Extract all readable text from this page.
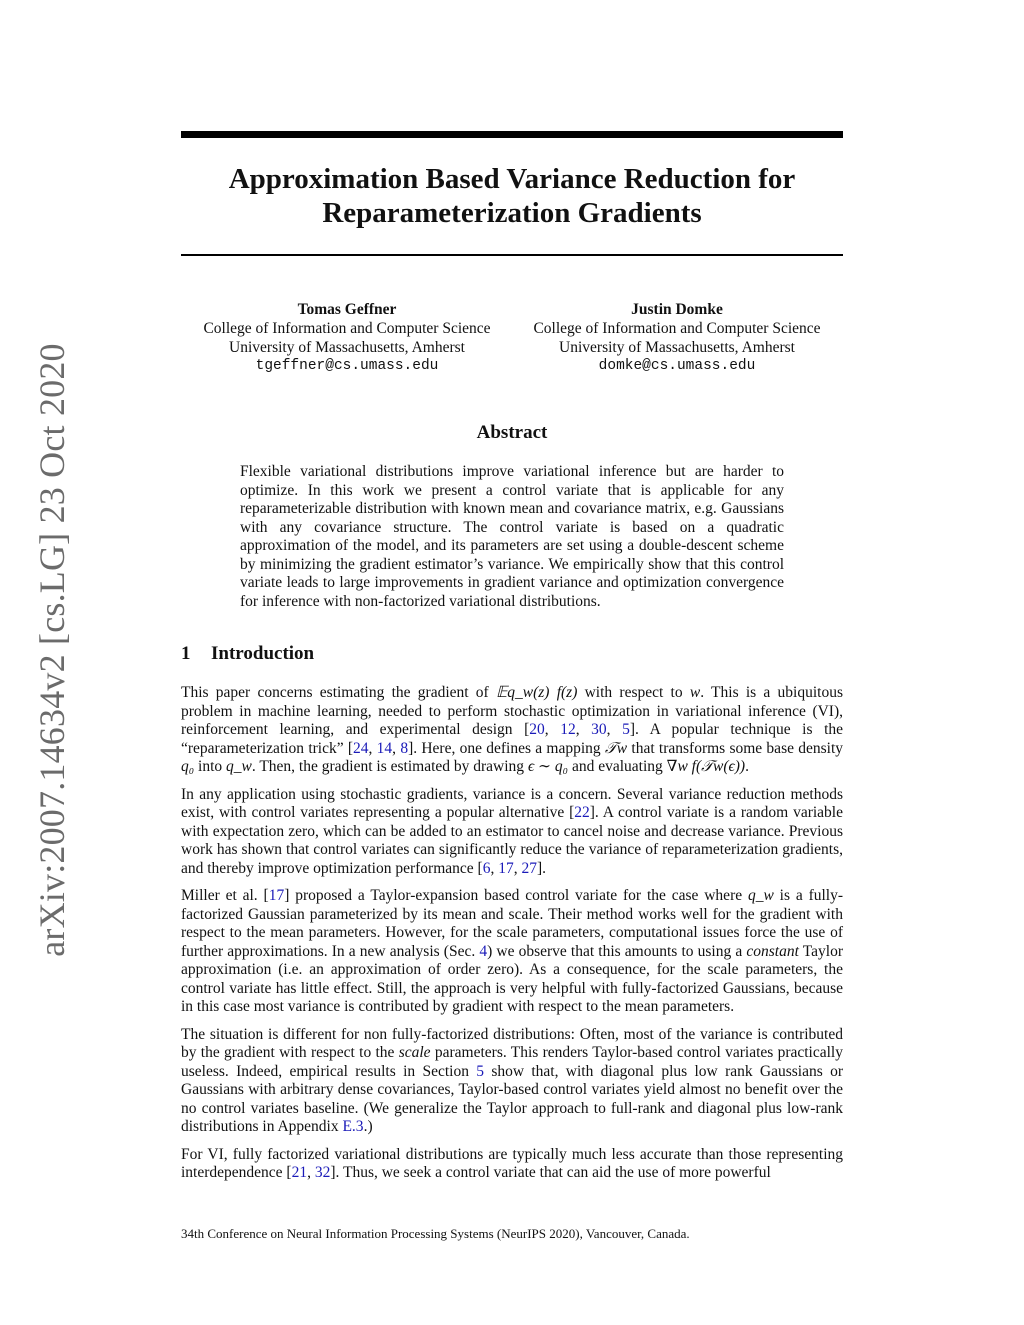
arXiv:2007.14634v2 [cs.LG] 23 Oct 2020
Approximation Based Variance Reduction for Reparameterization Gradients
Tomas Geffner
College of Information and Computer Science
University of Massachusetts, Amherst
tgeffner@cs.umass.edu
Justin Domke
College of Information and Computer Science
University of Massachusetts, Amherst
domke@cs.umass.edu
Abstract

Flexible variational distributions improve variational inference but are harder to optimize. In this work we present a control variate that is applicable for any reparameterizable distribution with known mean and covariance matrix, e.g. Gaussians with any covariance structure. The control variate is based on a quadratic approximation of the model, and its parameters are set using a double-descent scheme by minimizing the gradient estimator’s variance. We empirically show that this control variate leads to large improvements in gradient variance and optimization convergence for inference with non-factorized variational distributions.

1 Introduction

This paper concerns estimating the gradient of 𝔼q_w(z) f(z) with respect to w. This is a ubiquitous problem in machine learning, needed to perform stochastic optimization in variational inference (VI), reinforcement learning, and experimental design [20, 12, 30, 5]. A popular technique is the “reparameterization trick” [24, 14, 8]. Here, one defines a mapping 𝒯w that transforms some base density q₀ into q_w. Then, the gradient is estimated by drawing ϵ ∼ q₀ and evaluating ∇w f(𝒯w(ϵ)).

In any application using stochastic gradients, variance is a concern. Several variance reduction methods exist, with control variates representing a popular alternative [22]. A control variate is a random variable with expectation zero, which can be added to an estimator to cancel noise and decrease variance. Previous work has shown that control variates can significantly reduce the variance of reparameterization gradients, and thereby improve optimization performance [6, 17, 27].

Miller et al. [17] proposed a Taylor-expansion based control variate for the case where q_w is a fully-factorized Gaussian parameterized by its mean and scale. Their method works well for the gradient with respect to the mean parameters. However, for the scale parameters, computational issues force the use of further approximations. In a new analysis (Sec. 4) we observe that this amounts to using a constant Taylor approximation (i.e. an approximation of order zero). As a consequence, for the scale parameters, the control variate has little effect. Still, the approach is very helpful with fully-factorized Gaussians, because in this case most variance is contributed by gradient with respect to the mean parameters.

The situation is different for non fully-factorized distributions: Often, most of the variance is contributed by the gradient with respect to the scale parameters. This renders Taylor-based control variates practically useless. Indeed, empirical results in Section 5 show that, with diagonal plus low rank Gaussians or Gaussians with arbitrary dense covariances, Taylor-based control variates yield almost no benefit over the no control variates baseline. (We generalize the Taylor approach to full-rank and diagonal plus low-rank distributions in Appendix E.3.)

For VI, fully factorized variational distributions are typically much less accurate than those representing interdependence [21, 32]. Thus, we seek a control variate that can aid the use of more powerful

34th Conference on Neural Information Processing Systems (NeurIPS 2020), Vancouver, Canada.
